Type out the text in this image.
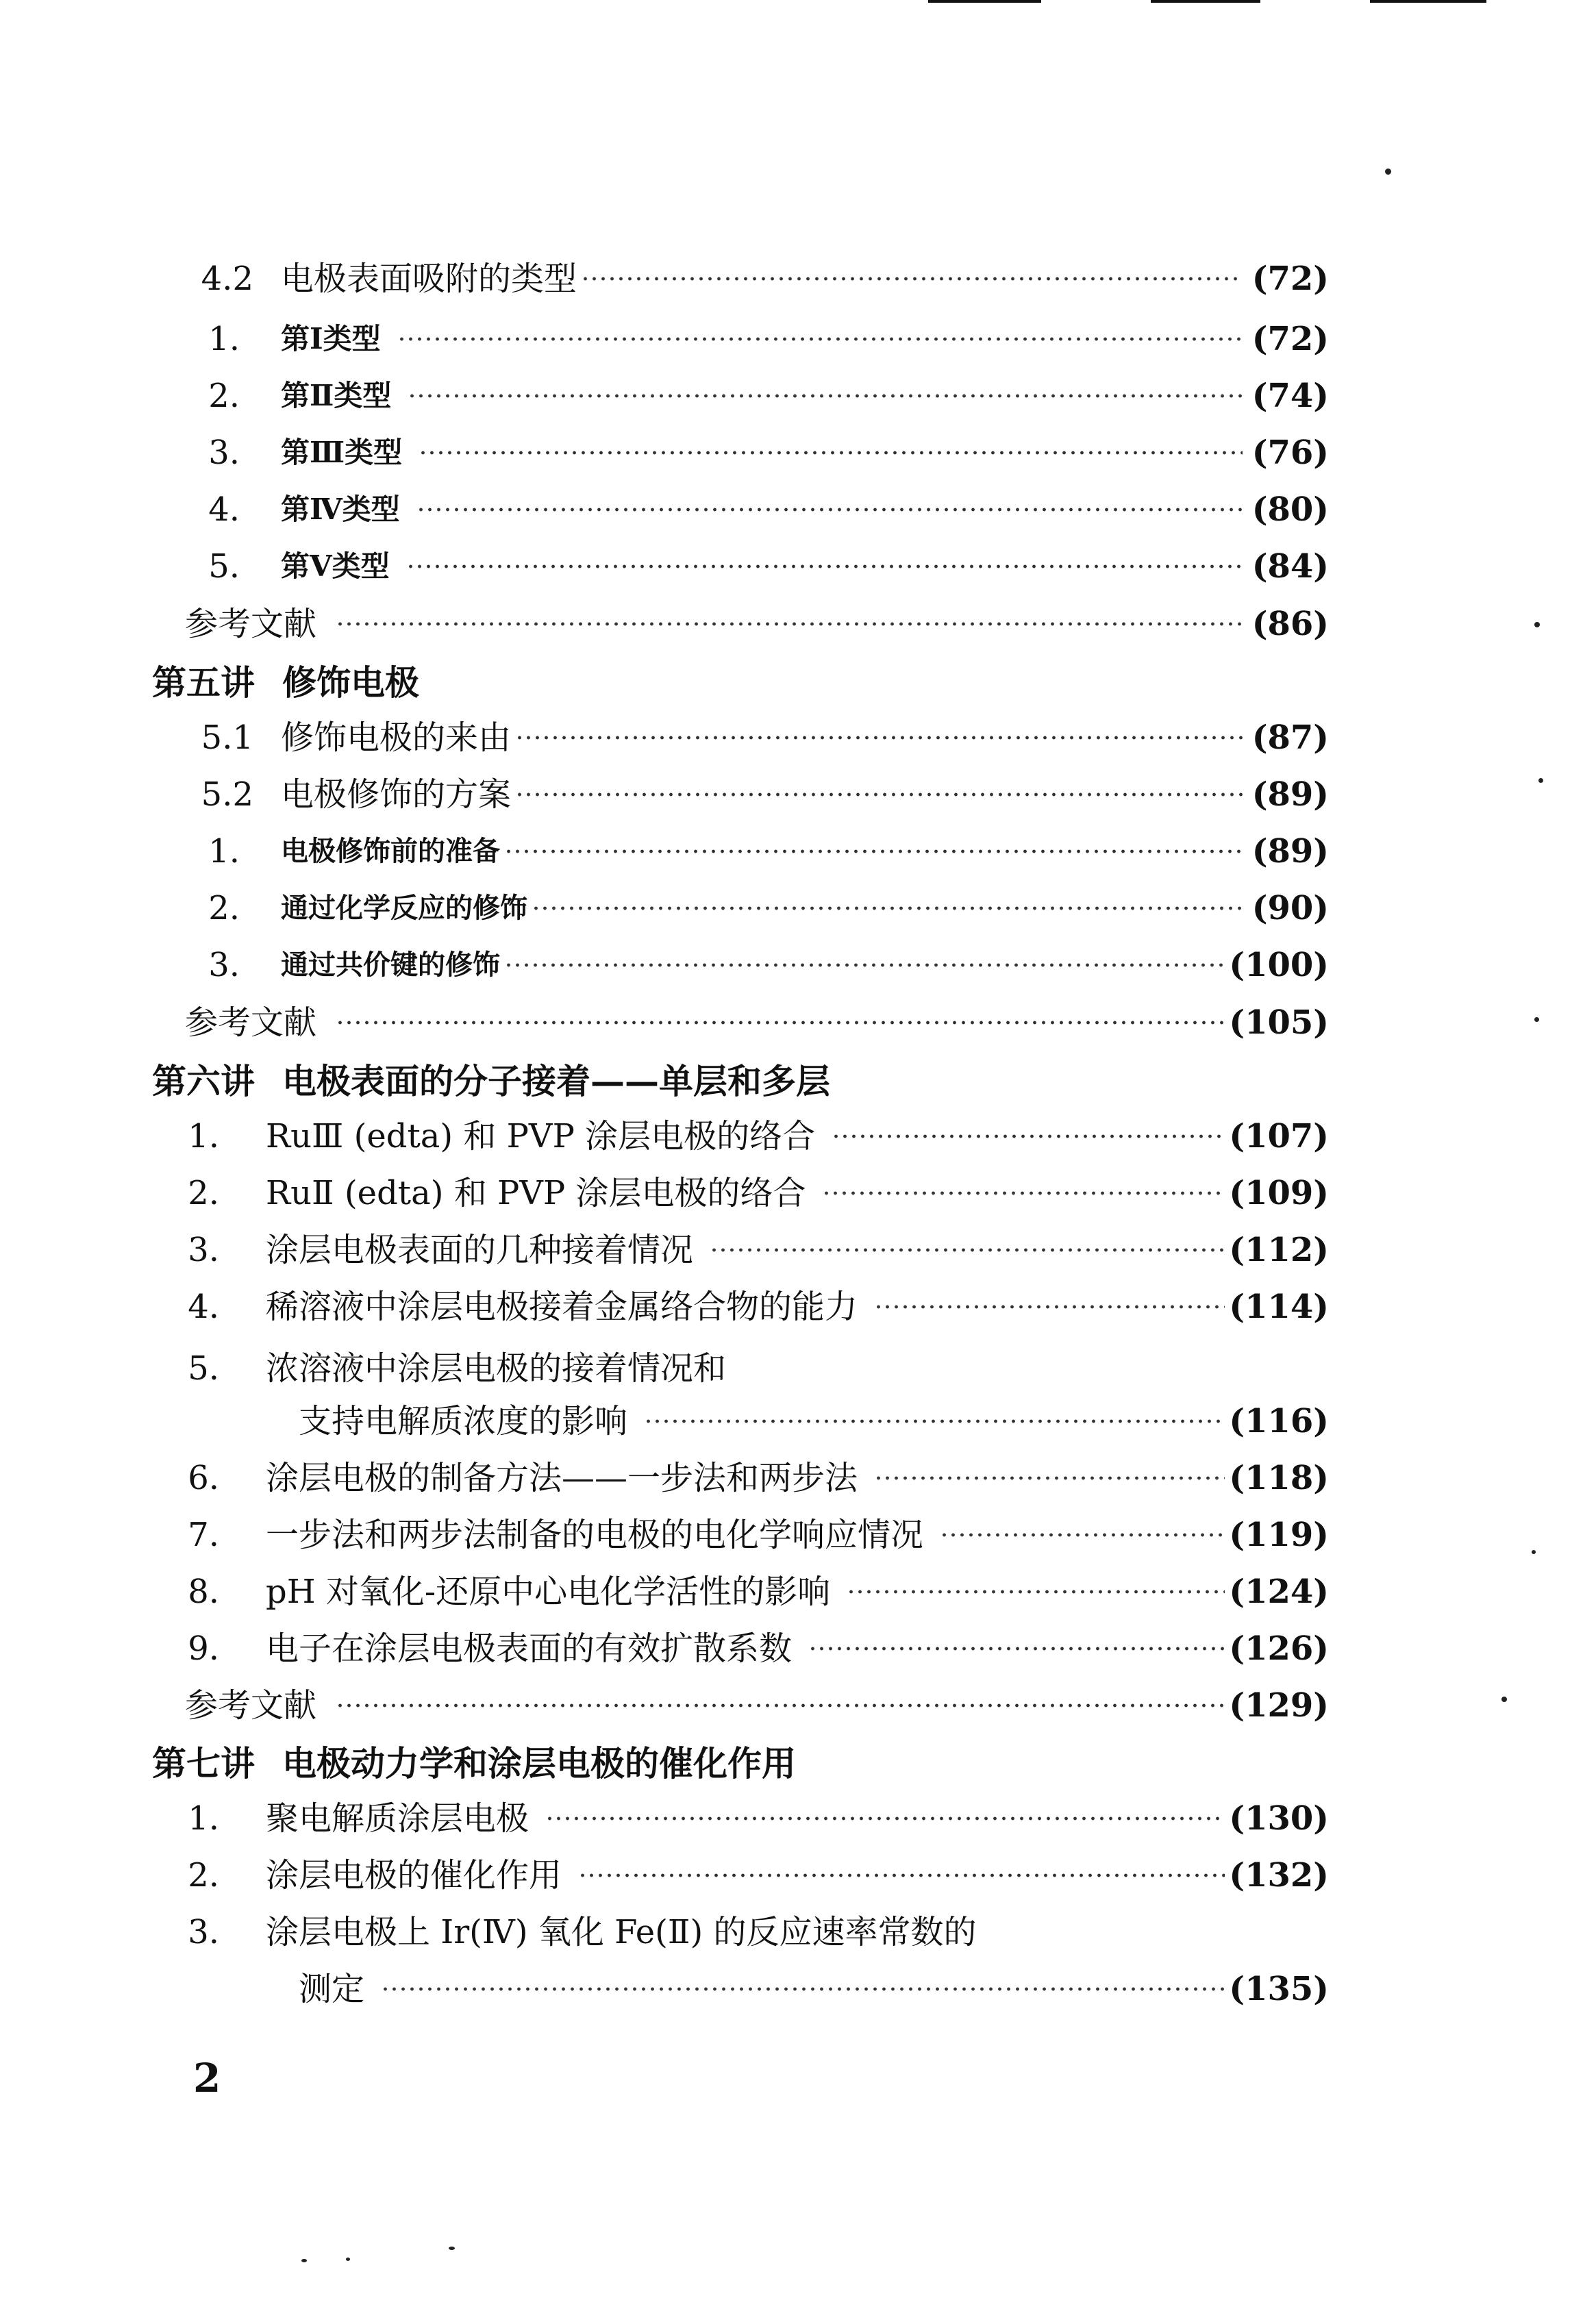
4.2 电极表面吸附的类型	(72)
1. 第Ⅰ类型	(72)
2. 第Ⅱ类型	(74)
3. 第Ⅲ类型	(76)
4. 第Ⅳ类型	(80)
5. 第Ⅴ类型	(84)
参考文献	(86)
第五讲 修饰电极
5.1 修饰电极的来由	(87)
5.2 电极修饰的方案	(89)
1. 电极修饰前的准备	(89)
2. 通过化学反应的修饰	(90)
3. 通过共价键的修饰	(100)
参考文献	(105)
第六讲 电极表面的分子接着——单层和多层
1. RuⅢ (edta) 和 PVP 涂层电极的络合	(107)
2. RuⅡ (edta) 和 PVP 涂层电极的络合	(109)
3. 涂层电极表面的几种接着情况	(112)
4. 稀溶液中涂层电极接着金属络合物的能力	(114)
5. 浓溶液中涂层电极的接着情况和
支持电解质浓度的影响	(116)
6. 涂层电极的制备方法——一步法和两步法	(118)
7. 一步法和两步法制备的电极的电化学响应情况	(119)
8. pH 对氧化-还原中心电化学活性的影响	(124)
9. 电子在涂层电极表面的有效扩散系数	(126)
参考文献	(129)
第七讲 电极动力学和涂层电极的催化作用
1. 聚电解质涂层电极	(130)
2. 涂层电极的催化作用	(132)
3. 涂层电极上 Ir(Ⅳ) 氧化 Fe(Ⅱ) 的反应速率常数的
测定	(135)
2
